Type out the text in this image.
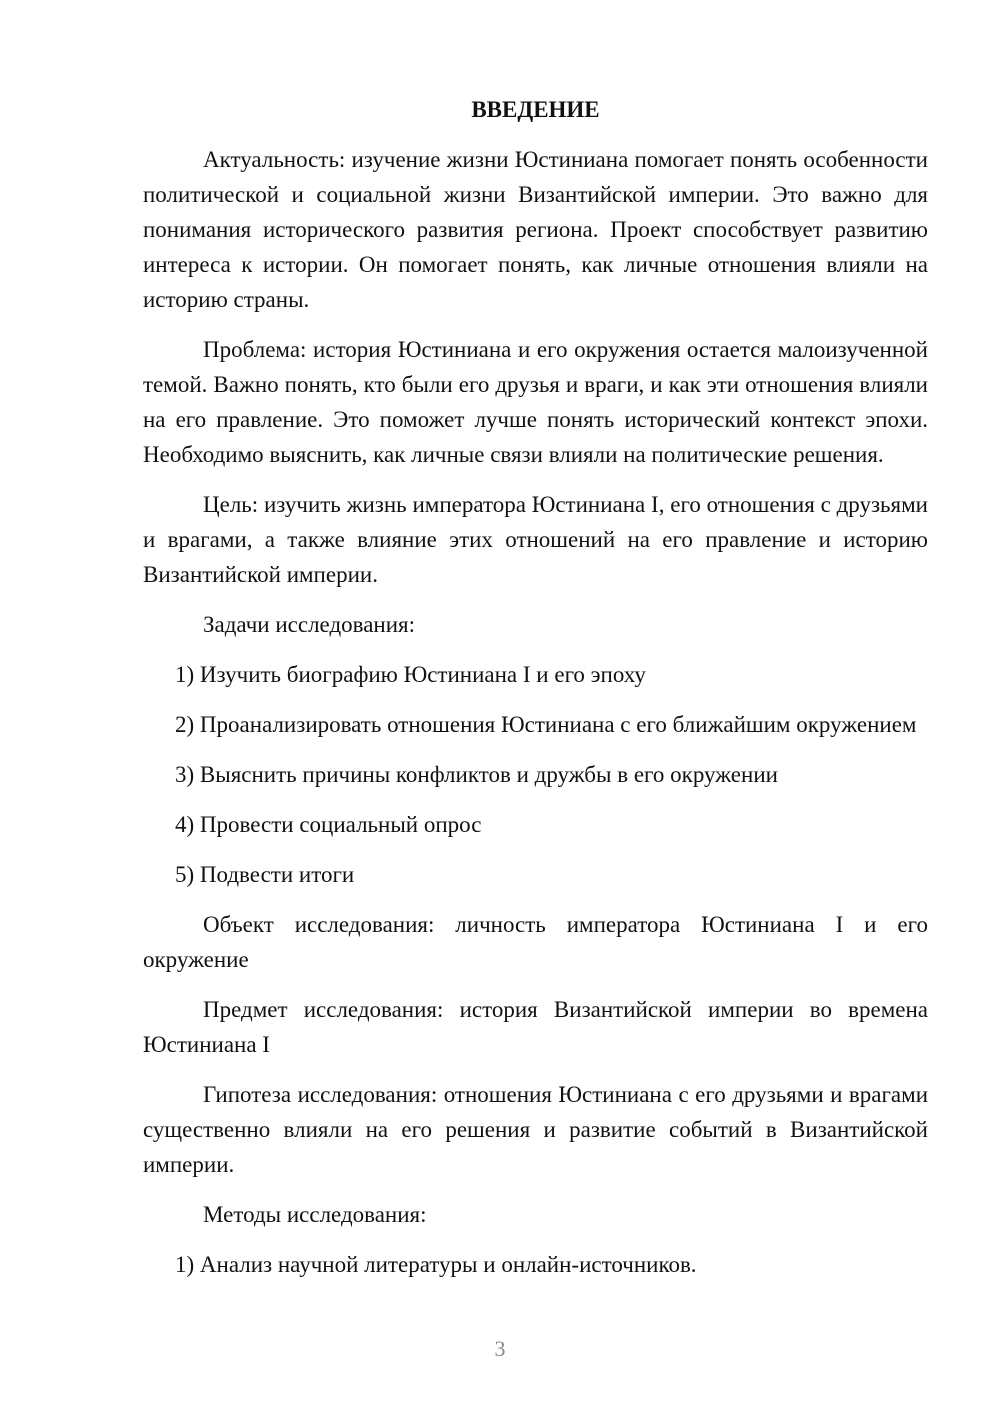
ВВЕДЕНИЕ

Актуальность: изучение жизни Юстиниана помогает понять особенности политической и социальной жизни Византийской империи. Это важно для понимания исторического развития региона. Проект способствует развитию интереса к истории. Он помогает понять, как личные отношения влияли на историю страны.

Проблема: история Юстиниана и его окружения остается малоизученной темой. Важно понять, кто были его друзья и враги, и как эти отношения влияли на его правление. Это поможет лучше понять исторический контекст эпохи. Необходимо выяснить, как личные связи влияли на политические решения.

Цель: изучить жизнь императора Юстиниана I, его отношения с друзьями и врагами, а также влияние этих отношений на его правление и историю Византийской империи.

Задачи исследования:

1) Изучить биографию Юстиниана I и его эпоху

2) Проанализировать отношения Юстиниана с его ближайшим окружением

3) Выяснить причины конфликтов и дружбы в его окружении

4) Провести социальный опрос

5) Подвести итоги

Объект исследования: личность императора Юстиниана I и его окружение

Предмет исследования: история Византийской империи во времена Юстиниана I

Гипотеза исследования: отношения Юстиниана с его друзьями и врагами существенно влияли на его решения и развитие событий в Византийской империи.

Методы исследования:

1) Анализ научной литературы и онлайн-источников.

3
